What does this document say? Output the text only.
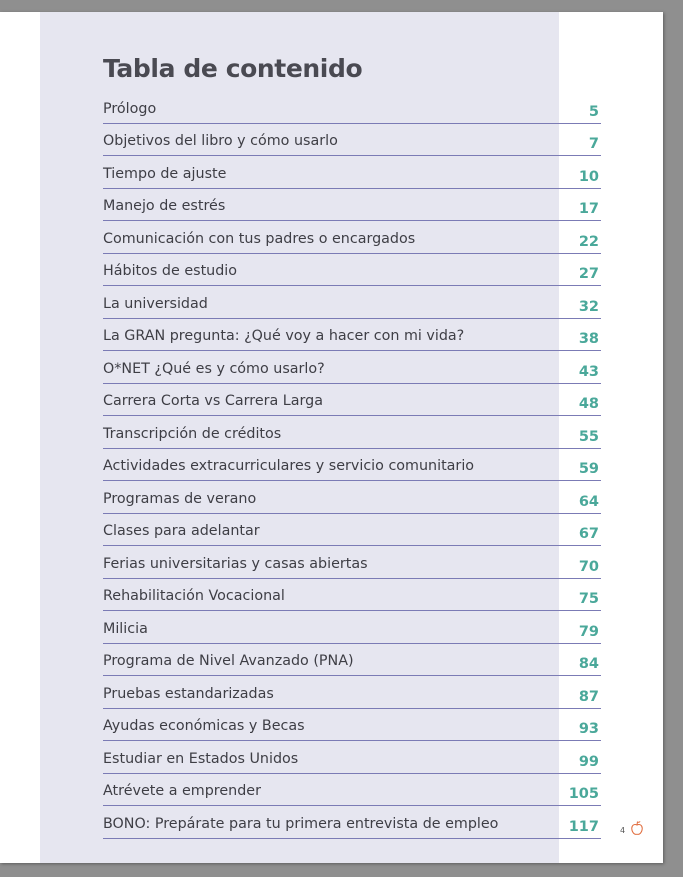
Tabla de contenido
Prólogo	5
Objetivos del libro y cómo usarlo	7
Tiempo de ajuste	10
Manejo de estrés	17
Comunicación con tus padres o encargados	22
Hábitos de estudio	27
La universidad	32
La GRAN pregunta: ¿Qué voy a hacer con mi vida?	38
O*NET ¿Qué es y cómo usarlo?	43
Carrera Corta vs Carrera Larga	48
Transcripción de créditos	55
Actividades extracurriculares y servicio comunitario	59
Programas de verano	64
Clases para adelantar	67
Ferias universitarias y casas abiertas	70
Rehabilitación Vocacional	75
Milicia	79
Programa de Nivel Avanzado (PNA)	84
Pruebas estandarizadas	87
Ayudas económicas y Becas	93
Estudiar en Estados Unidos	99
Atrévete a emprender	105
BONO: Prepárate para tu primera entrevista de empleo	117	4
